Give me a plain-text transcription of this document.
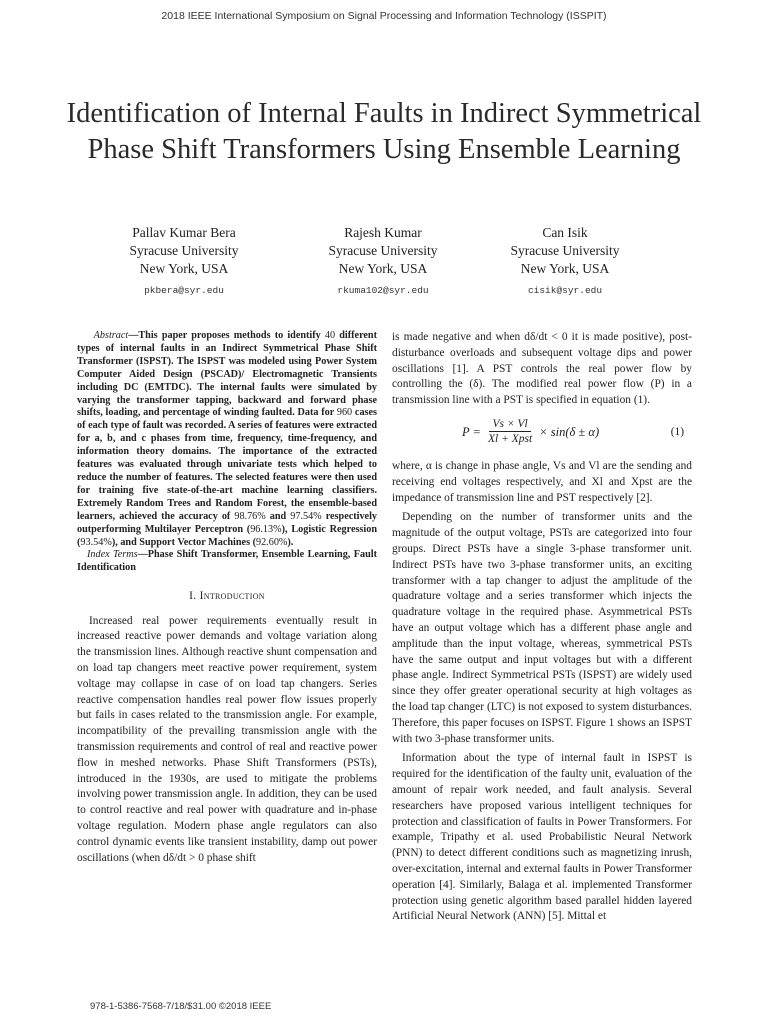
2018 IEEE International Symposium on Signal Processing and Information Technology (ISSPIT)
Identification of Internal Faults in Indirect Symmetrical Phase Shift Transformers Using Ensemble Learning
Pallav Kumar Bera
Syracuse University
New York, USA
pkbera@syr.edu
Rajesh Kumar
Syracuse University
New York, USA
rkuma102@syr.edu
Can Isik
Syracuse University
New York, USA
cisik@syr.edu

Abstract—This paper proposes methods to identify 40 different types of internal faults in an Indirect Symmetrical Phase Shift Transformer (ISPST). The ISPST was modeled using Power System Computer Aided Design (PSCAD)/ Electromagnetic Transients including DC (EMTDC). The internal faults were simulated by varying the transformer tapping, backward and forward phase shifts, loading, and percentage of winding faulted. Data for 960 cases of each type of fault was recorded. A series of features were extracted for a, b, and c phases from time, frequency, time-frequency, and information theory domains. The importance of the extracted features was evaluated through univariate tests which helped to reduce the number of features. The selected features were then used for training five state-of-the-art machine learning classifiers. Extremely Random Trees and Random Forest, the ensemble-based learners, achieved the accuracy of 98.76% and 97.54% respectively outperforming Multilayer Perceptron (96.13%), Logistic Regression (93.54%), and Support Vector Machines (92.60%).

Index Terms—Phase Shift Transformer, Ensemble Learning, Fault Identification

I. Introduction

Increased real power requirements eventually result in increased reactive power demands and voltage variation along the transmission lines. Although reactive shunt compensation and on load tap changers meet reactive power requirement, system voltage may collapse in case of on load tap changers. Series reactive compensation handles real power flow issues properly but fails in cases related to the transmission angle. For example, incompatibility of the prevailing transmission angle with the transmission requirements and control of real and reactive power flow in meshed networks. Phase Shift Transformers (PSTs), introduced in the 1930s, are used to mitigate the problems involving power transmission angle. In addition, they can be used to control reactive and real power with quadrature and in-phase voltage regulation. Modern phase angle regulators can also control dynamic events like transient instability, damp out power oscillations (when dδ/dt > 0 phase shift

is made negative and when dδ/dt < 0 it is made positive), post-disturbance overloads and subsequent voltage dips and power oscillations [1]. A PST controls the real power flow by controlling the (δ). The modified real power flow (P) in a transmission line with a PST is specified in equation (1).

$P = \frac{Vs \times Vl}{\text{Xl + Xpst}} \times \sin(\delta \pm \alpha)$	(1)

where, α is change in phase angle, Vs and Vl are the sending and receiving end voltages respectively, and Xl and Xpst are the impedance of transmission line and PST respectively [2].

Depending on the number of transformer units and the magnitude of the output voltage, PSTs are categorized into four groups. Direct PSTs have a single 3-phase transformer unit. Indirect PSTs have two 3-phase transformer units, an exciting transformer with a tap changer to adjust the amplitude of the quadrature voltage and a series transformer which injects the quadrature voltage in the required phase. Asymmetrical PSTs have an output voltage which has a different phase angle and amplitude than the input voltage, whereas, symmetrical PSTs have the same output and input voltages but with a different phase angle. Indirect Symmetrical PSTs (ISPST) are widely used since they offer greater operational security at high voltages as the load tap changer (LTC) is not exposed to system disturbances. Therefore, this paper focuses on ISPST. Figure 1 shows an ISPST with two 3-phase transformer units.

Information about the type of internal fault in ISPST is required for the identification of the faulty unit, evaluation of the amount of repair work needed, and fault analysis. Several researchers have proposed various intelligent techniques for protection and classification of faults in Power Transformers. For example, Tripathy et al. used Probabilistic Neural Network (PNN) to detect different conditions such as magnetizing inrush, over-excitation, internal and external faults in Power Transformer operation [4]. Similarly, Balaga et al. implemented Transformer protection using genetic algorithm based parallel hidden layered Artificial Neural Network (ANN) [5]. Mittal et

978-1-5386-7568-7/18/$31.00 ©2018 IEEE
